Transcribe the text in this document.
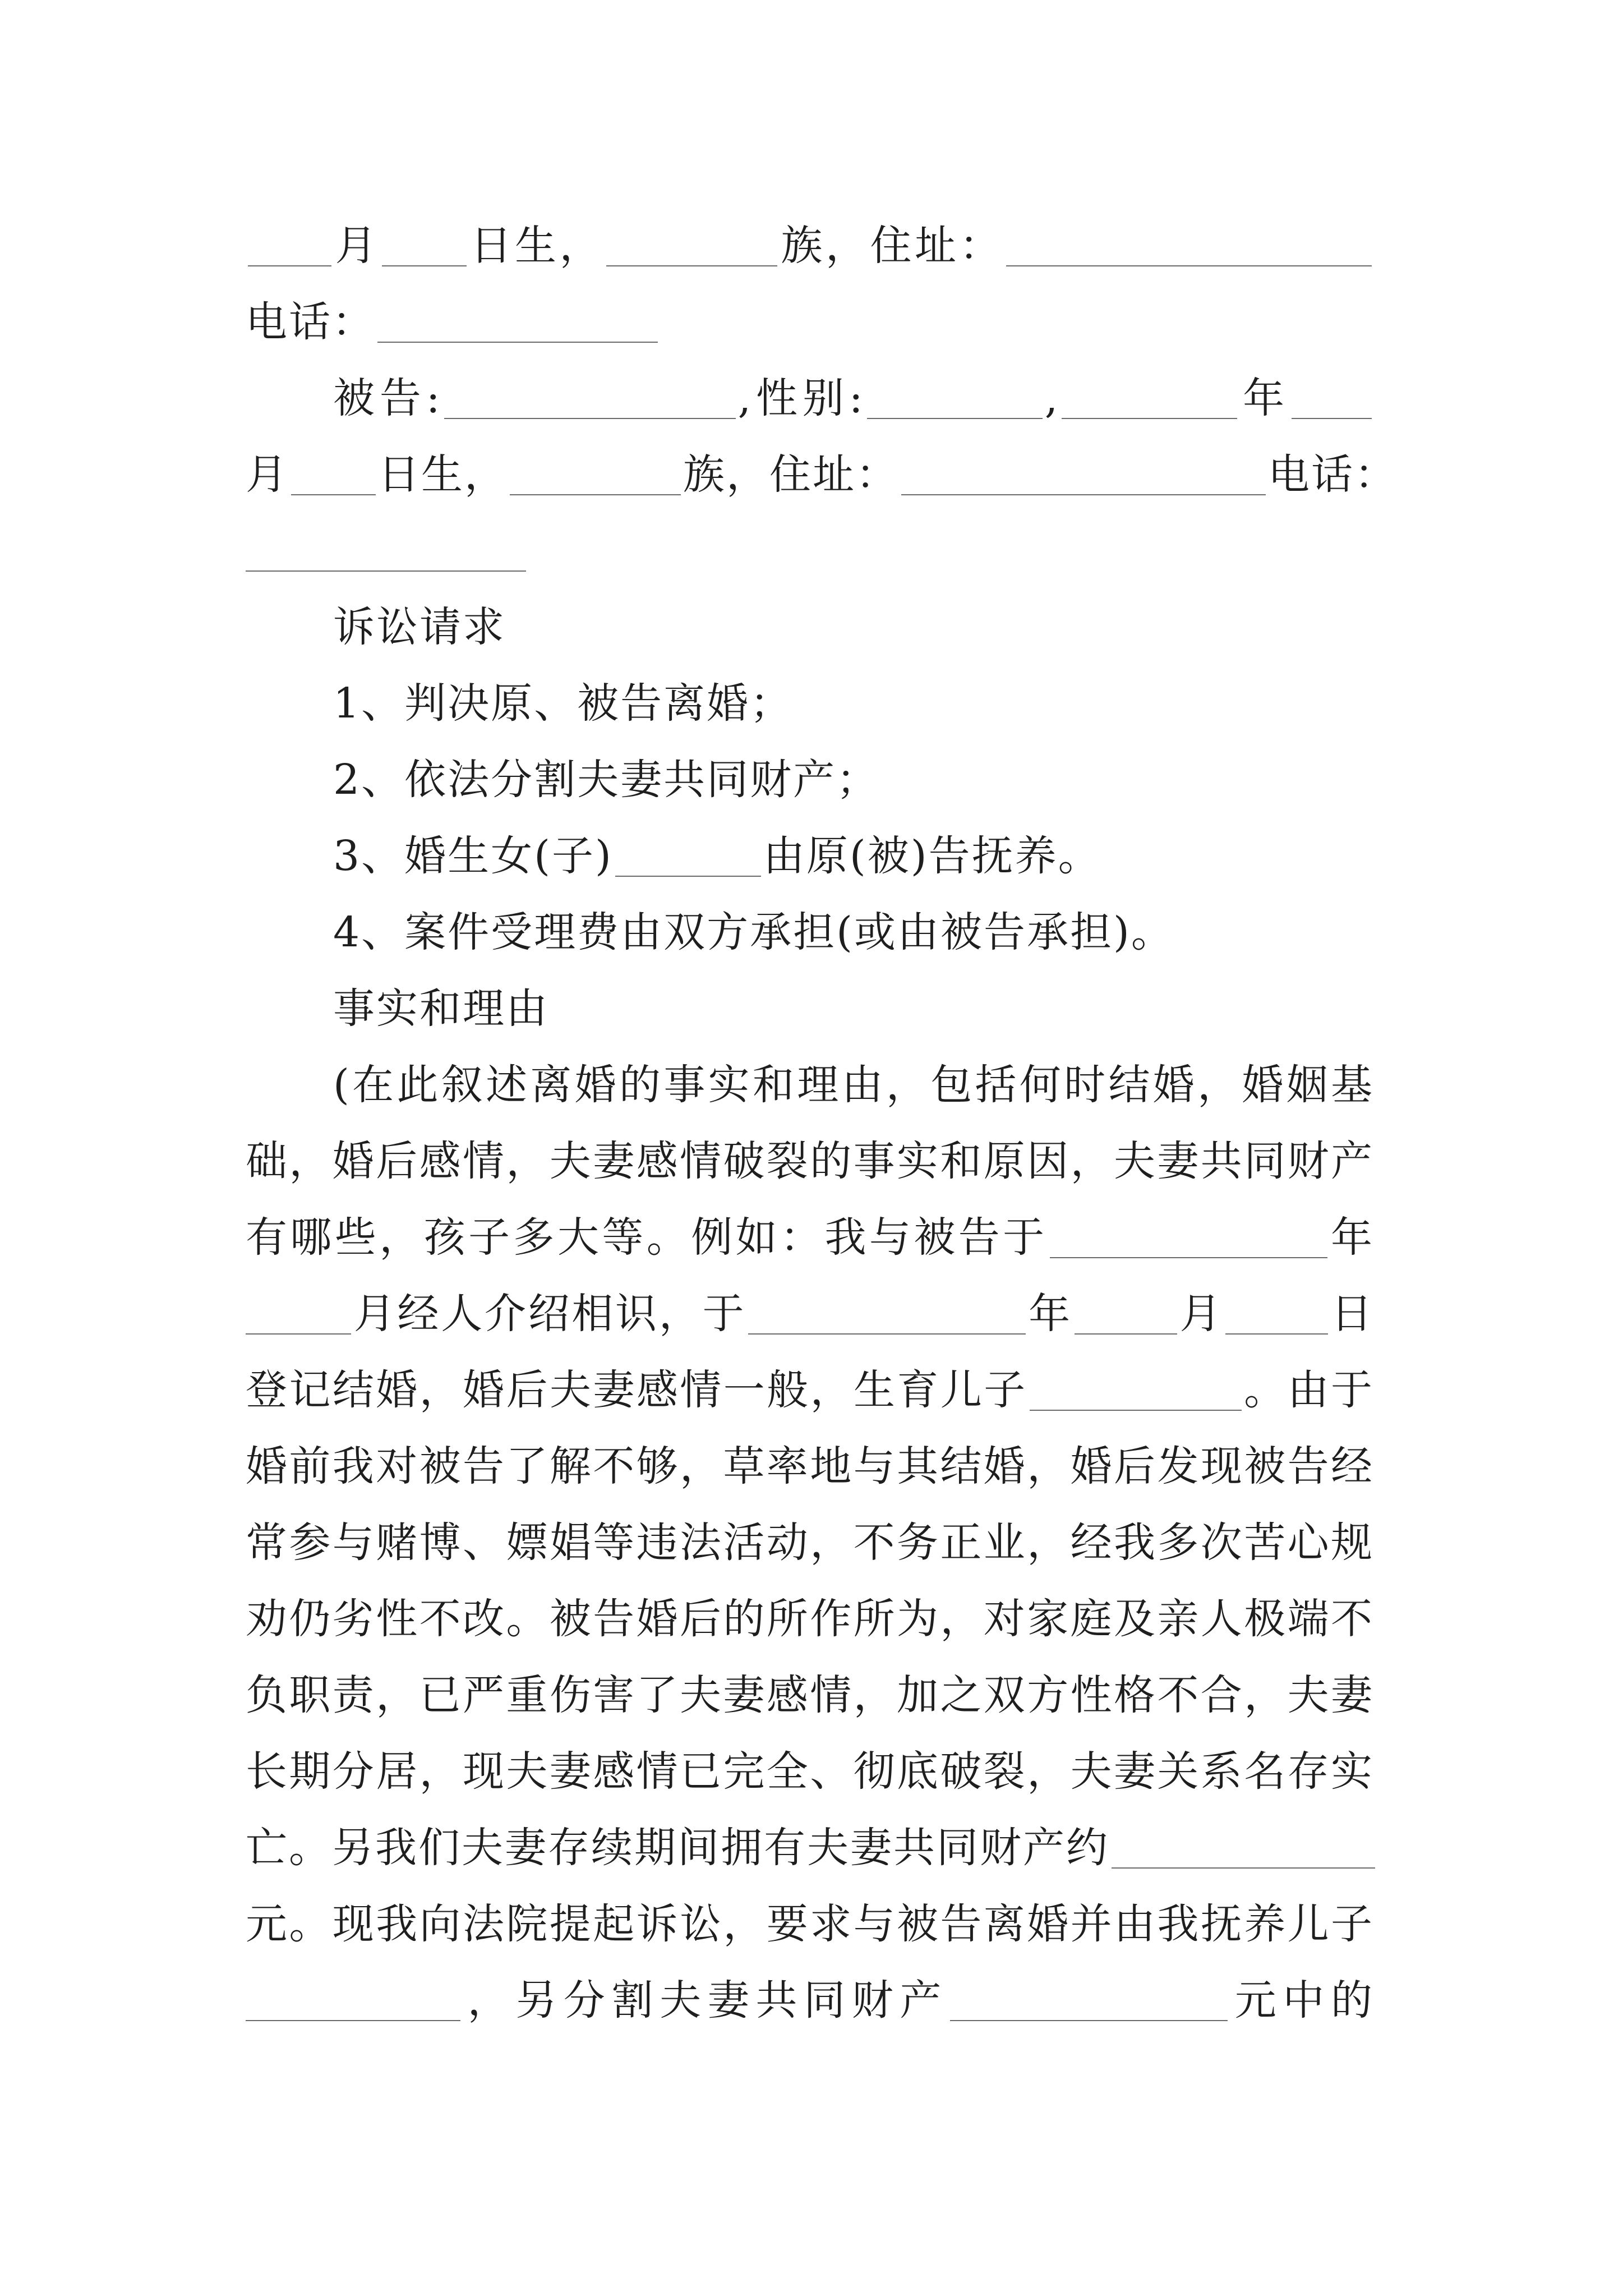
月 日生，	族，住址：
电话：
被告:	,性别:	,	年
月 日生，	族，住址：	电话：
诉讼请求
1、判决原、被告离婚；
2、依法分割夫妻共同财产；
3、婚生女(子)	由原(被)告抚养。
4、案件受理费由双方承担(或由被告承担)。
事实和理由
(在此叙述离婚的事实和理由，包括何时结婚，婚姻基
础，婚后感情，夫妻感情破裂的事实和原因，夫妻共同财产
有哪些，孩子多大等。例如：我与被告于	年
月经人介绍相识，于	年	月	日
登记结婚，婚后夫妻感情一般，生育儿子	。由于
婚前我对被告了解不够，草率地与其结婚，婚后发现被告经
常参与赌博、嫖娼等违法活动，不务正业，经我多次苦心规
劝仍劣性不改。被告婚后的所作所为，对家庭及亲人极端不
负职责，已严重伤害了夫妻感情，加之双方性格不合，夫妻
长期分居，现夫妻感情已完全、彻底破裂，夫妻关系名存实
亡。另我们夫妻存续期间拥有夫妻共同财产约
元。现我向法院提起诉讼，要求与被告离婚并由我抚养儿子
，另分割夫妻共同财产	元中的
